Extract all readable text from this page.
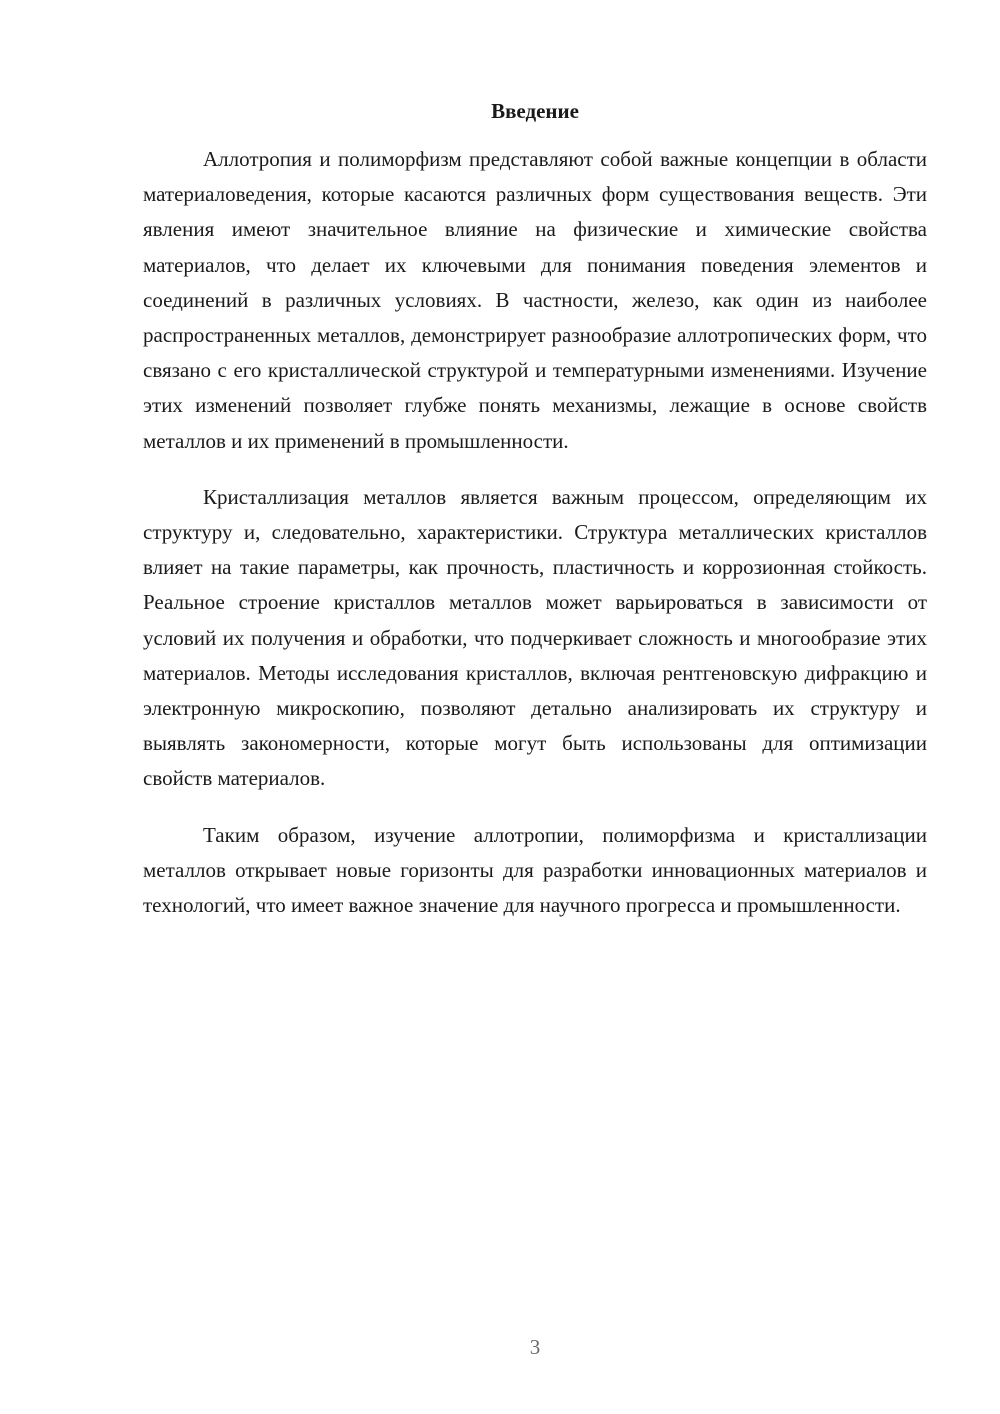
Введение

Аллотропия и полиморфизм представляют собой важные концепции в области материаловедения, которые касаются различных форм существования веществ. Эти явления имеют значительное влияние на физические и химические свойства материалов, что делает их ключевыми для понимания поведения элементов и соединений в различных условиях. В частности, железо, как один из наиболее распространенных металлов, демонстрирует разнообразие аллотропических форм, что связано с его кристаллической структурой и температурными изменениями. Изучение этих изменений позволяет глубже понять механизмы, лежащие в основе свойств металлов и их применений в промышленности.

Кристаллизация металлов является важным процессом, определяющим их структуру и, следовательно, характеристики. Структура металлических кристаллов влияет на такие параметры, как прочность, пластичность и коррозионная стойкость. Реальное строение кристаллов металлов может варьироваться в зависимости от условий их получения и обработки, что подчеркивает сложность и многообразие этих материалов. Методы исследования кристаллов, включая рентгеновскую дифракцию и электронную микроскопию, позволяют детально анализировать их структуру и выявлять закономерности, которые могут быть использованы для оптимизации свойств материалов.

Таким образом, изучение аллотропии, полиморфизма и кристаллизации металлов открывает новые горизонты для разработки инновационных материалов и технологий, что имеет важное значение для научного прогресса и промышленности.

3
